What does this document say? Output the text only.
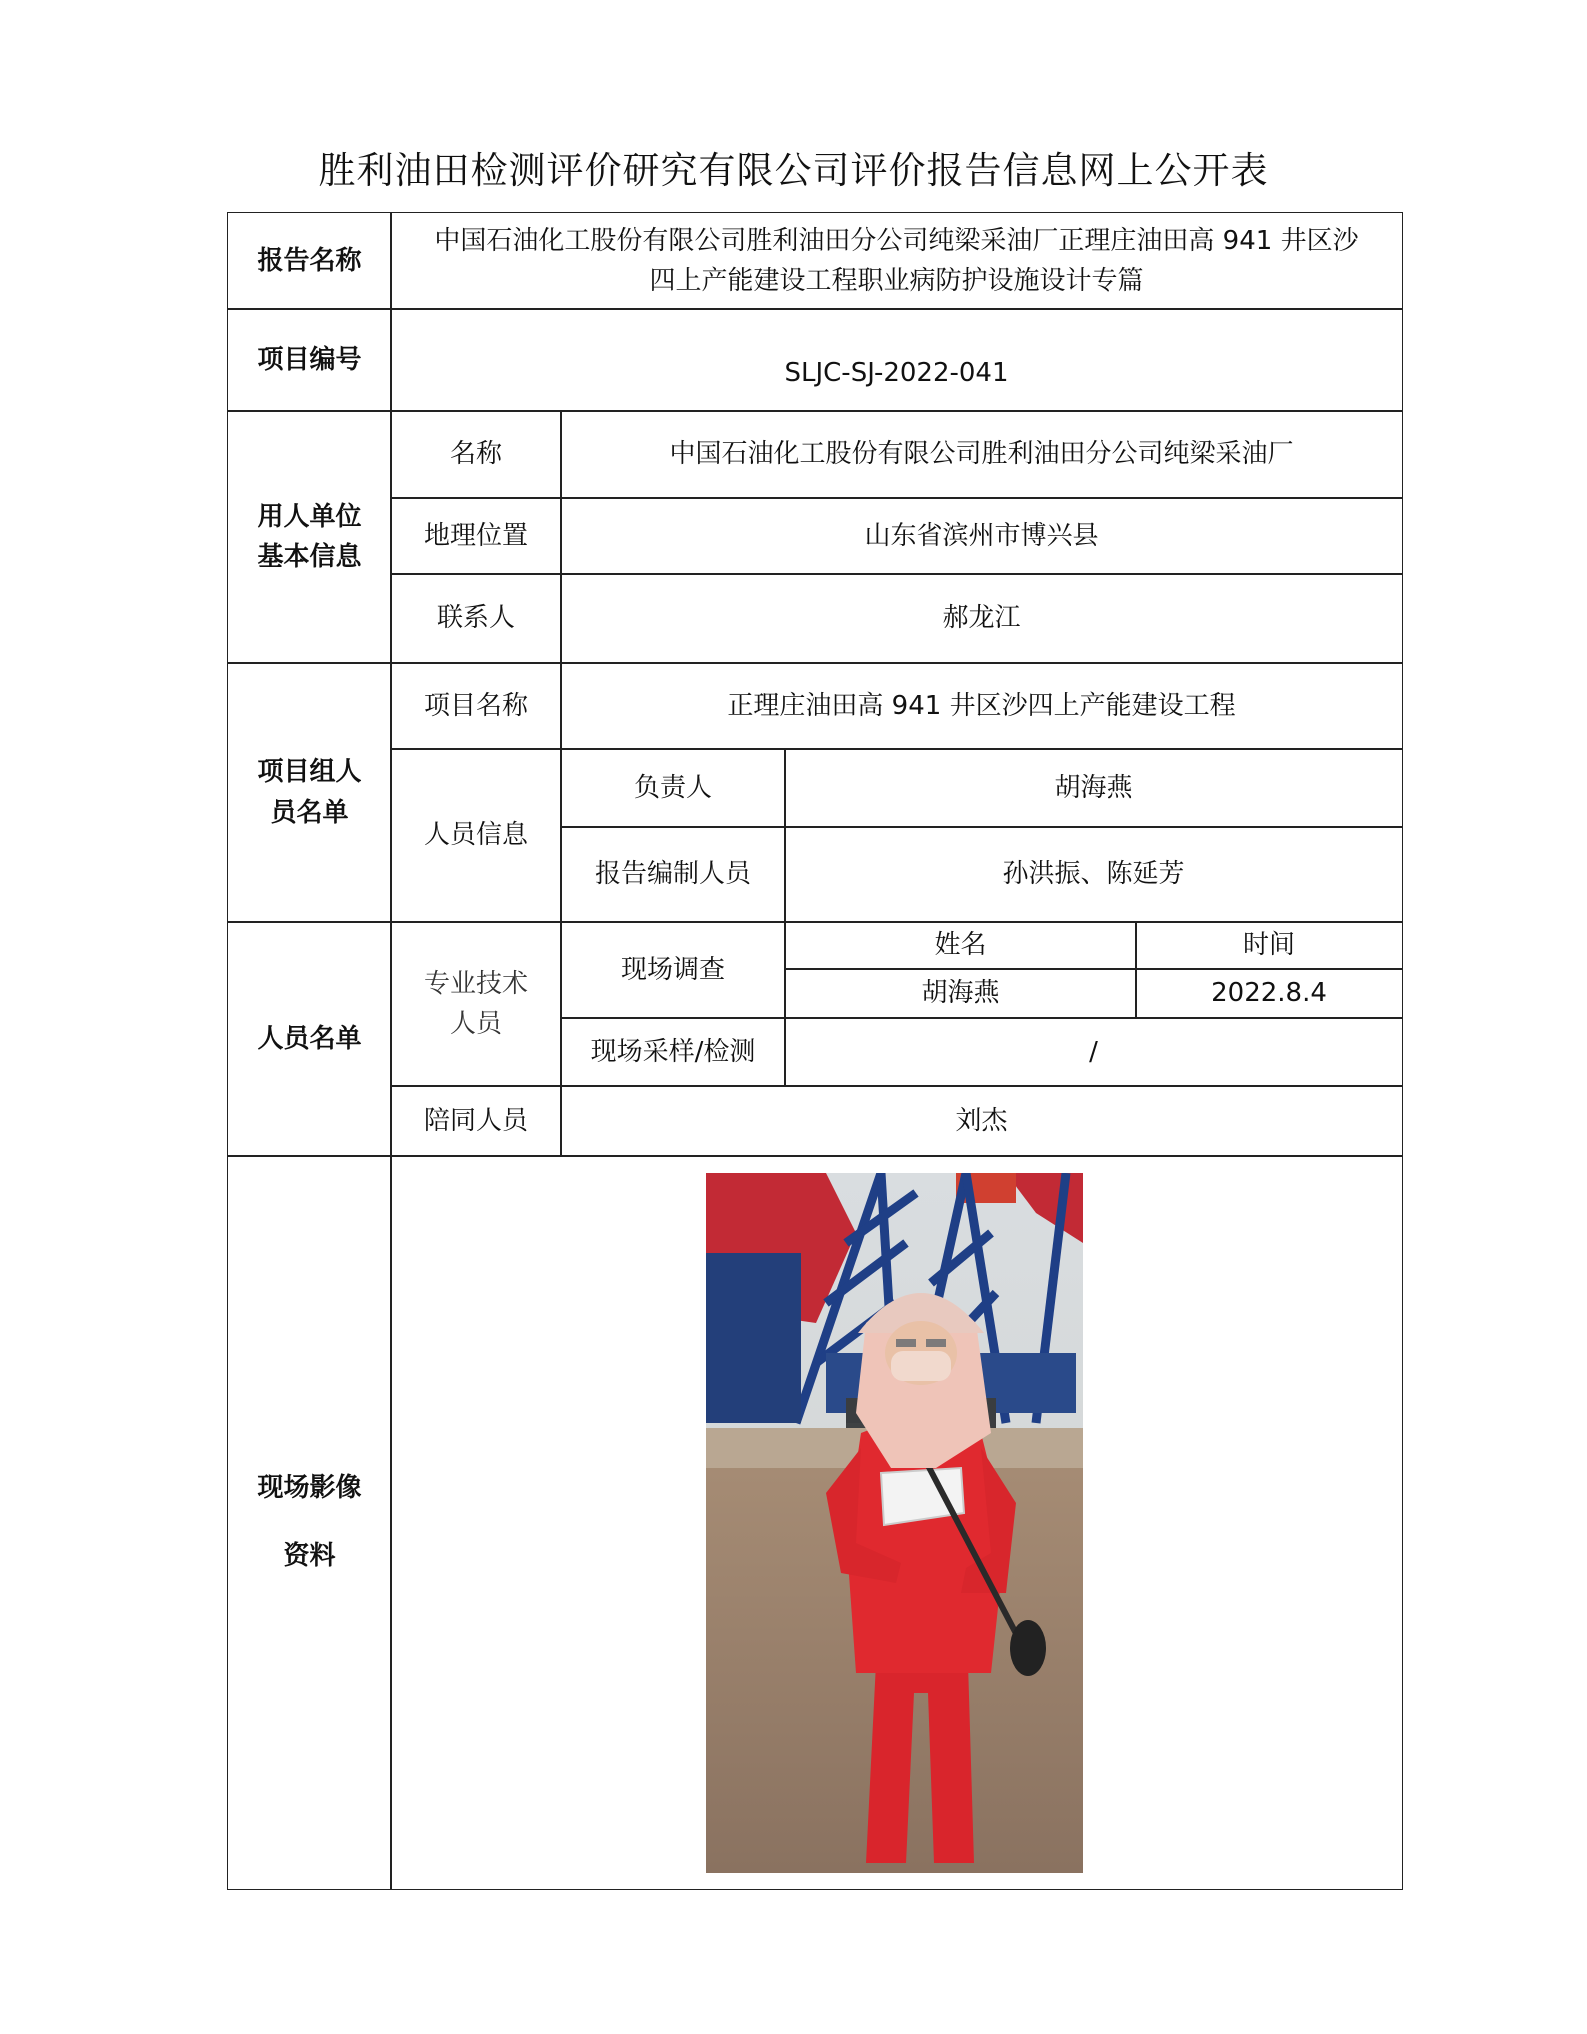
胜利油田检测评价研究有限公司评价报告信息网上公开表
报告名称
中国石油化工股份有限公司胜利油田分公司纯梁采油厂正理庄油田高 941 井区沙
四上产能建设工程职业病防护设施设计专篇
项目编号	SLJC-SJ-2022-041
用人单位
基本信息
名称	中国石油化工股份有限公司胜利油田分公司纯梁采油厂
地理位置	山东省滨州市博兴县
联系人	郝龙江
项目组人
员名单
项目名称	正理庄油田高 941 井区沙四上产能建设工程
人员信息
负责人	胡海燕
报告编制人员	孙洪振、陈延芳
人员名单
专业技术
人员
现场调查
姓名	时间
胡海燕	2022.8.4
现场采样/检测	/
陪同人员	刘杰
现场影像
资料
